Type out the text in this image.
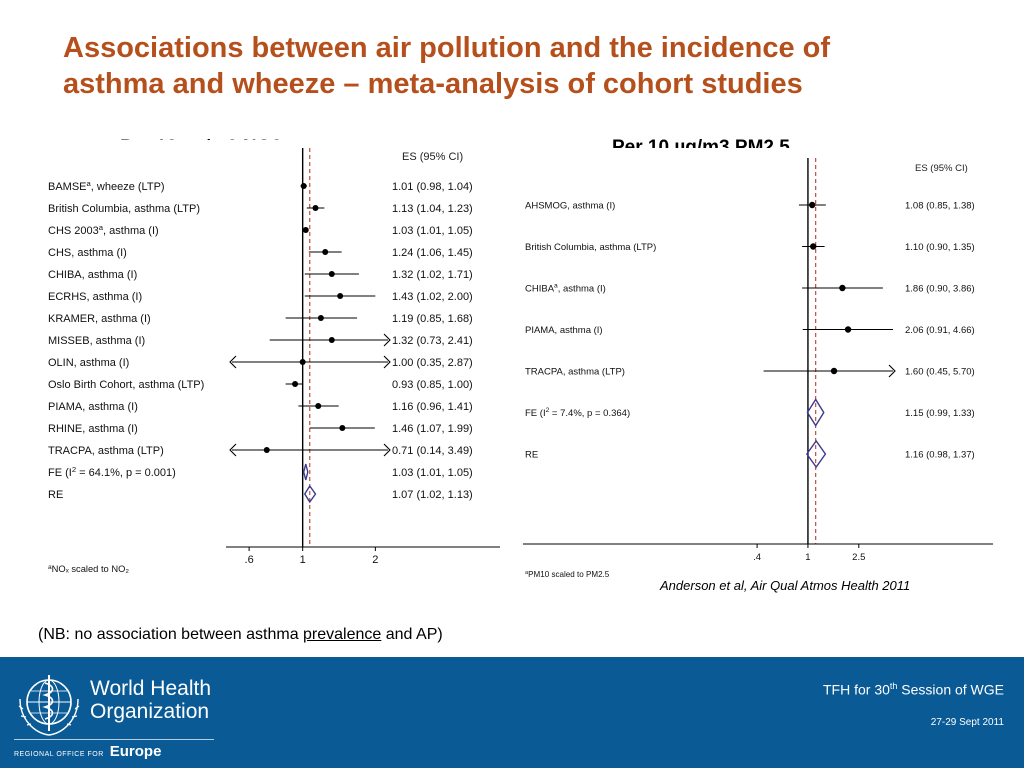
Associations between air pollution and the incidence of
asthma and wheeze – meta-analysis of cohort studies
ES (95% CI)
BAMSE$^a$, wheeze (LTP)	1.01 (0.98, 1.04)
British Columbia, asthma (LTP)	1.13 (1.04, 1.23)
CHS 2003$^a$, asthma (I)	1.03 (1.01, 1.05)
CHS, asthma (I)	1.24 (1.06, 1.45)
CHIBA, asthma (I)	1.32 (1.02, 1.71)
ECRHS, asthma (I)	1.43 (1.02, 2.00)
KRAMER, asthma (I)	1.19 (0.85, 1.68)
MISSEB, asthma (I)	1.32 (0.73, 2.41)
OLIN, asthma (I)	1.00 (0.35, 2.87)
Oslo Birth Cohort, asthma (LTP)	0.93 (0.85, 1.00)
PIAMA, asthma (I)	1.16 (0.96, 1.41)
RHINE, asthma (I)	1.46 (1.07, 1.99)
TRACPA, asthma (LTP)	0.71 (0.14, 3.49)
FE ($I^2 = 64.1\%$, p = 0.001)	1.03 (1.01, 1.05)
RE	1.07 (1.02, 1.13)
.6	1	2
$^a$NOₓ scaled to NO₂
ES (95% CI)
AHSMOG, asthma (I)	1.08 (0.85, 1.38)
British Columbia, asthma (LTP)	1.10 (0.90, 1.35)
CHIBA$^a$, asthma (I)	1.86 (0.90, 3.86)
PIAMA, asthma (I)	2.06 (0.91, 4.66)
TRACPA, asthma (LTP)	1.60 (0.45, 5.70)
FE ($I^2 = 7.4\%$, p = 0.364)	1.15 (0.99, 1.33)
RE	1.16 (0.98, 1.37)
.4	1	2.5
$^a$PM10 scaled to PM2.5
Anderson et al, Air Qual Atmos Health 2011
(NB: no association between asthma prevalence and AP)
World Health
Organization
REGIONAL OFFICE FOR Europe
TFH for 30th Session of WGE
27-29 Sept 2011
